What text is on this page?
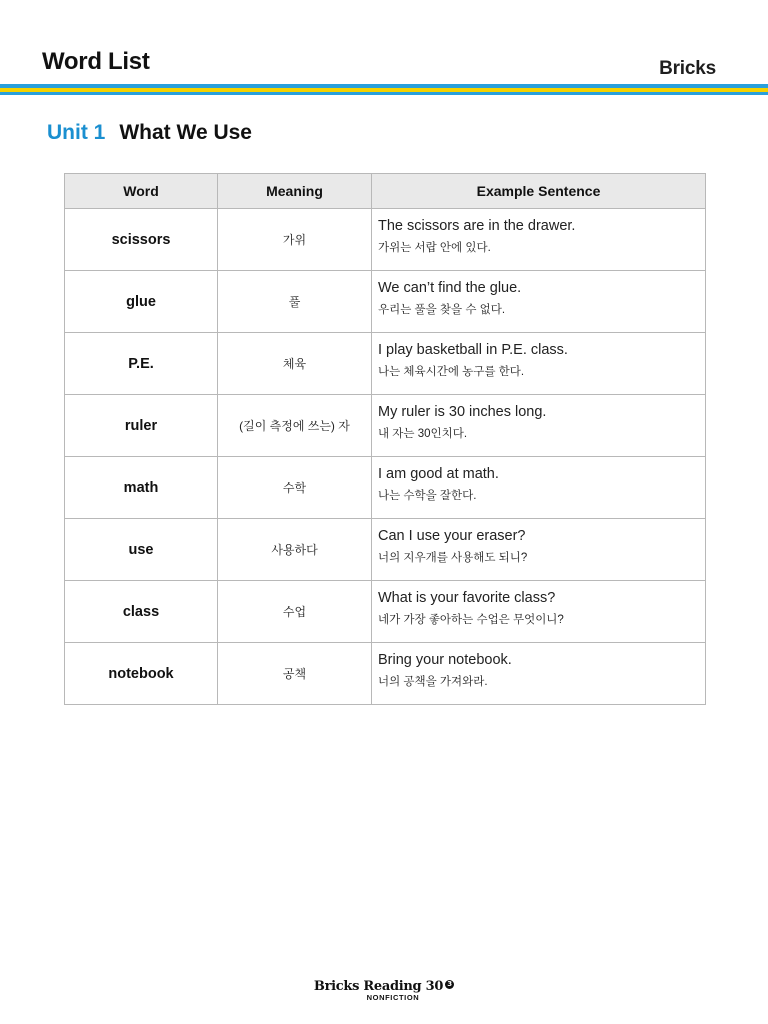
Word List	Bricks
Unit 1 What We Use
Word	Meaning	Example Sentence
scissors	가위	The scissors are in the drawer.
가위는 서랍 안에 있다.

glue	풀	We can’t find the glue.
우리는 풀을 찾을 수 없다.

P.E.	체육	I play basketball in P.E. class.
나는 체육시간에 농구를 한다.

ruler	(길이 측정에 쓰는) 자	My ruler is 30 inches long.
내 자는 30인치다.

math	수학	I am good at math.
나는 수학을 잘한다.

use	사용하다	Can I use your eraser?
너의 지우개를 사용해도 되니?

class	수업	What is your favorite class?
네가 가장 좋아하는 수업은 무엇이니?

notebook	공책	Bring your notebook.
너의 공책을 가져와라.
Bricks Reading 30 3
NONFICTION
